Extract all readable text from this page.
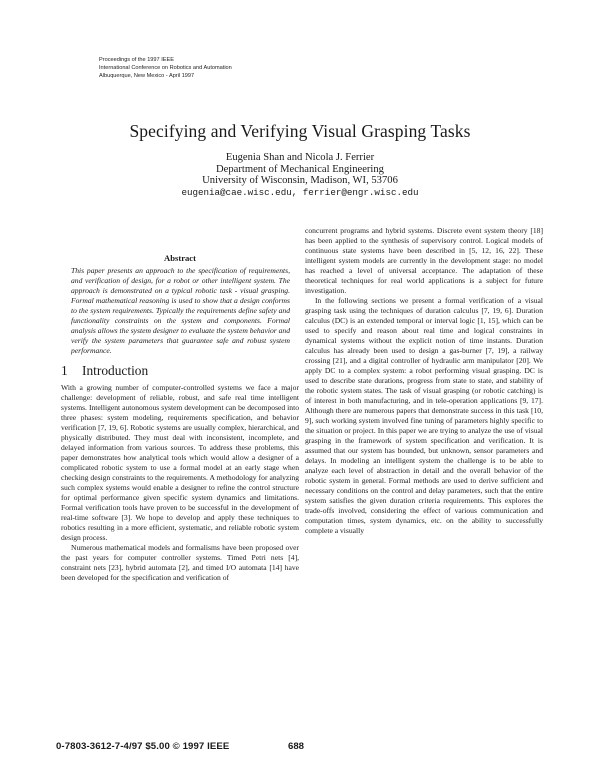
Proceedings of the 1997 IEEE
International Conference on Robotics and Automation
Albuquerque, New Mexico - April 1997
Specifying and Verifying Visual Grasping Tasks
Eugenia Shan and Nicola J. Ferrier
Department of Mechanical Engineering
University of Wisconsin, Madison, WI, 53706
eugenia@cae.wisc.edu, ferrier@engr.wisc.edu
Abstract

This paper presents an approach to the specification of requirements, and verification of design, for a robot or other intelligent system. The approach is demonstrated on a typical robotic task - visual grasping. Formal mathematical reasoning is used to show that a design conforms to the system requirements. Typically the requirements define safety and functionality constraints on the system and components. Formal analysis allows the system designer to evaluate the system behavior and verify the system parameters that guarantee safe and robust system performance.

1 Introduction

With a growing number of computer-controlled systems we face a major challenge: development of reliable, robust, and safe real time intelligent systems. Intelligent autonomous system development can be decomposed into three phases: system modeling, requirements specification, and behavior verification [7, 19, 6]. Robotic systems are usually complex, hierarchical, and physically distributed. They must deal with inconsistent, incomplete, and delayed information from various sources. To address these problems, this paper demonstrates how analytical tools which would allow a designer of a complicated robotic system to use a formal model at an early stage when checking design constraints to the requirements. A methodology for analyzing such complex systems would enable a designer to refine the control structure for optimal performance given specific system dynamics and limitations. Formal verification tools have proven to be successful in the development of real-time software [3]. We hope to develop and apply these techniques to robotics resulting in a more efficient, systematic, and reliable robotic system design process.

Numerous mathematical models and formalisms have been proposed over the past years for computer controller systems. Timed Petri nets [4], constraint nets [23], hybrid automata [2], and timed I/O automata [14] have been developed for the specification and verification of

concurrent programs and hybrid systems. Discrete event system theory [18] has been applied to the synthesis of supervisory control. Logical models of continuous state systems have been described in [5, 12, 16, 22]. These intelligent system models are currently in the development stage: no model has reached a level of universal acceptance. The adaptation of these theoretical techniques for real world applications is a subject for future investigation.

In the following sections we present a formal verification of a visual grasping task using the techniques of duration calculus [7, 19, 6]. Duration calculus (DC) is an extended temporal or interval logic [1, 15], which can be used to specify and reason about real time and logical constraints in dynamical systems without the explicit notion of time instants. Duration calculus has already been used to design a gas-burner [7, 19], a railway crossing [21], and a digital controller of hydraulic arm manipulator [20]. We apply DC to a complex system: a robot performing visual grasping. DC is used to describe state durations, progress from state to state, and stability of the robotic system states. The task of visual grasping (or robotic catching) is of interest in both manufacturing, and in tele-operation applications [9, 17]. Although there are numerous papers that demonstrate success in this task [10, 9], such working system involved fine tuning of parameters highly specific to the situation or project. In this paper we are trying to analyze the use of visual grasping in the framework of system specification and verification. It is assumed that our system has bounded, but unknown, sensor parameters and delays. In modeling an intelligent system the challenge is to be able to analyze each level of abstraction in detail and the overall behavior of the robotic system in general. Formal methods are used to derive sufficient and necessary conditions on the control and delay parameters, such that the entire system satisfies the given duration criteria requirements. This explores the trade-offs involved, considering the effect of various communication and computation times, system dynamics, etc. on the ability to successfully complete a visually

0-7803-3612-7-4/97 $5.00 © 1997 IEEE	688
